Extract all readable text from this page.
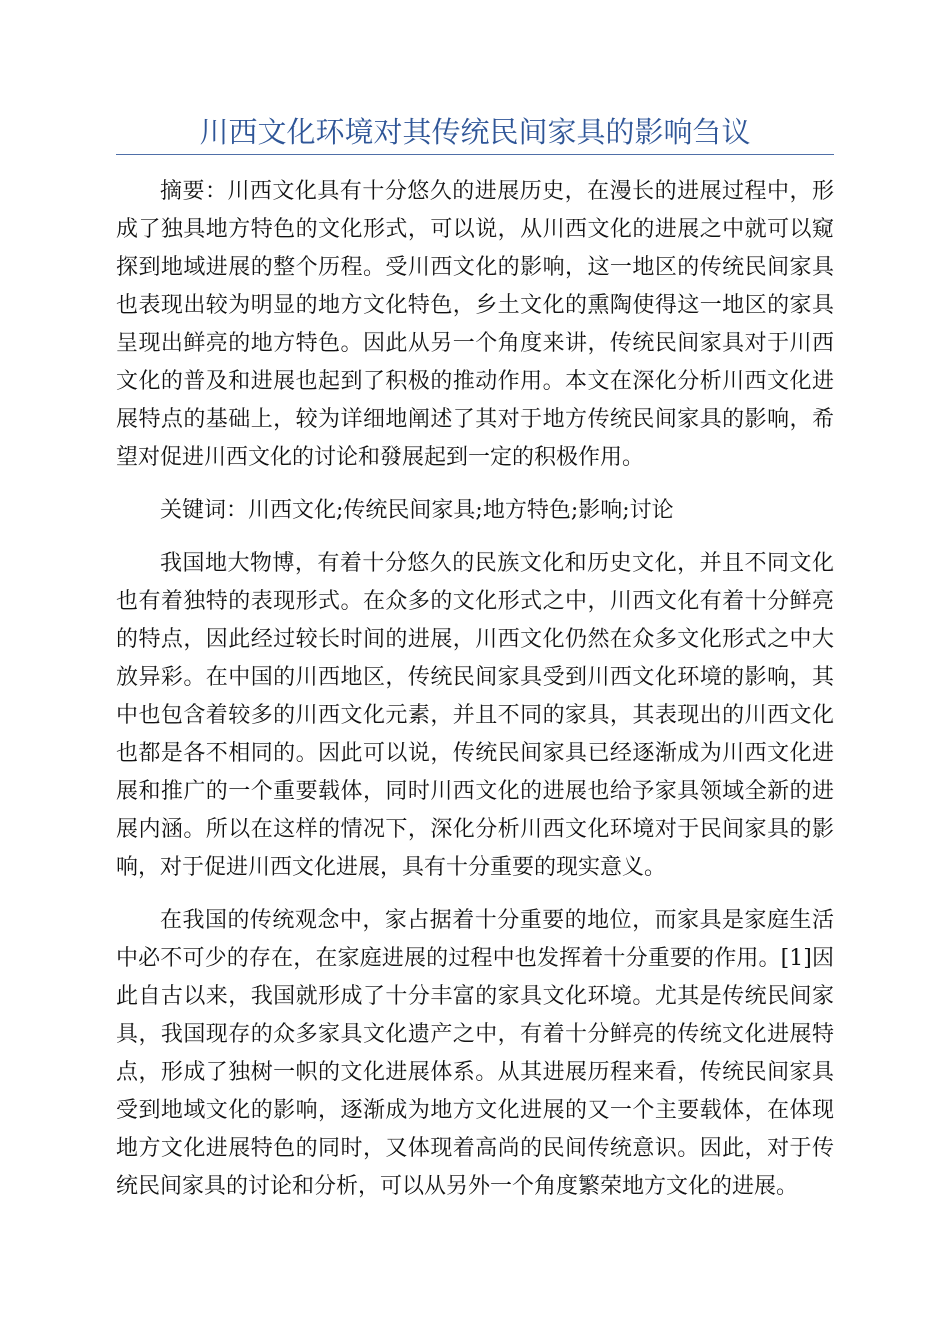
川西文化环境对其传统民间家具的影响刍议

摘要：川西文化具有十分悠久的进展历史，在漫长的进展过程中，形成了独具地方特色的文化形式，可以说，从川西文化的进展之中就可以窥探到地域进展的整个历程。受川西文化的影响，这一地区的传统民间家具也表现出较为明显的地方文化特色，乡土文化的熏陶使得这一地区的家具呈现出鲜亮的地方特色。因此从另一个角度来讲，传统民间家具对于川西文化的普及和进展也起到了积极的推动作用。本文在深化分析川西文化进展特点的基础上，较为详细地阐述了其对于地方传统民间家具的影响，希望对促进川西文化的讨论和發展起到一定的积极作用。

关键词：川西文化;传统民间家具;地方特色;影响;讨论

我国地大物博，有着十分悠久的民族文化和历史文化，并且不同文化也有着独特的表现形式。在众多的文化形式之中，川西文化有着十分鲜亮的特点，因此经过较长时间的进展，川西文化仍然在众多文化形式之中大放异彩。在中国的川西地区，传统民间家具受到川西文化环境的影响，其中也包含着较多的川西文化元素，并且不同的家具，其表现出的川西文化也都是各不相同的。因此可以说，传统民间家具已经逐渐成为川西文化进展和推广的一个重要载体，同时川西文化的进展也给予家具领域全新的进展内涵。所以在这样的情况下，深化分析川西文化环境对于民间家具的影响，对于促进川西文化进展，具有十分重要的现实意义。

在我国的传统观念中，家占据着十分重要的地位，而家具是家庭生活中必不可少的存在，在家庭进展的过程中也发挥着十分重要的作用。[1]因此自古以来，我国就形成了十分丰富的家具文化环境。尤其是传统民间家具，我国现存的众多家具文化遗产之中，有着十分鲜亮的传统文化进展特点，形成了独树一帜的文化进展体系。从其进展历程来看，传统民间家具受到地域文化的影响，逐渐成为地方文化进展的又一个主要载体，在体现地方文化进展特色的同时，又体现着高尚的民间传统意识。因此，对于传统民间家具的讨论和分析，可以从另外一个角度繁荣地方文化的进展。
